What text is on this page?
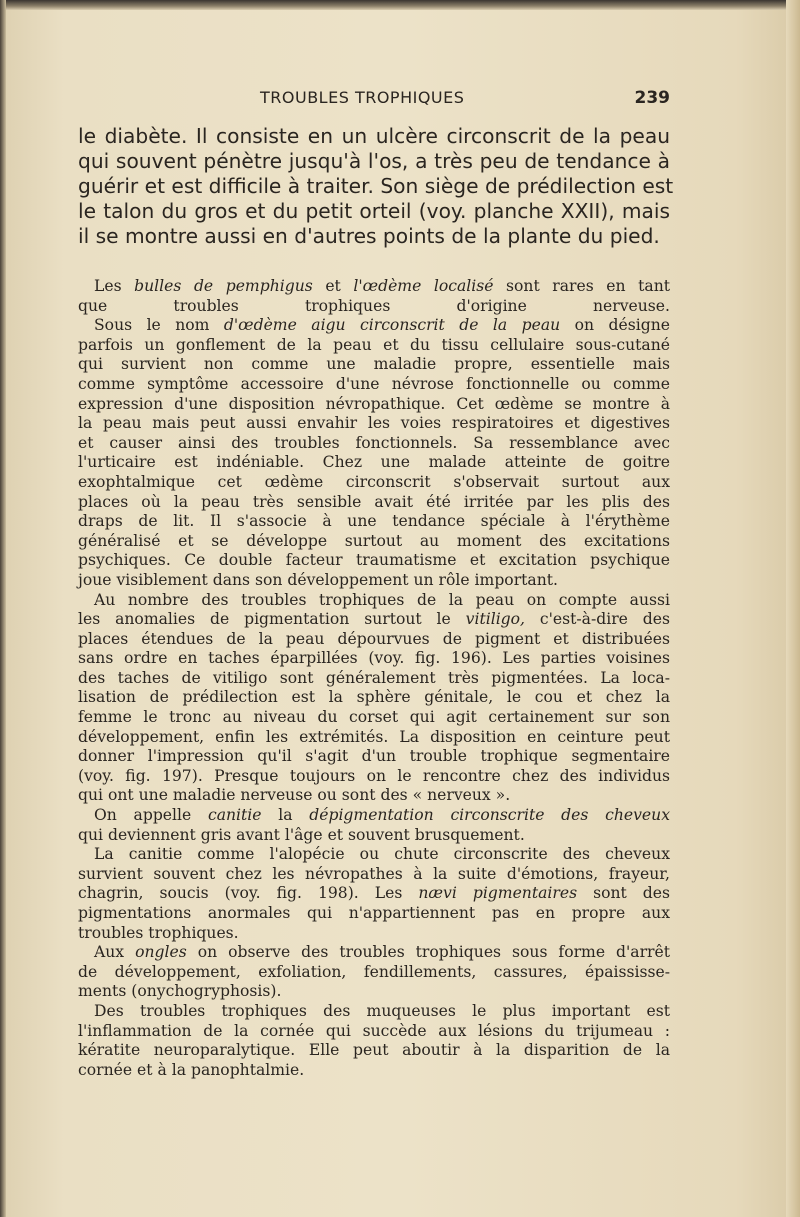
TROUBLES TROPHIQUES	239
le diabète. Il consiste en un ulcère circonscrit de la peau
qui souvent pénètre jusqu'à l'os, a très peu de tendance à
guérir et est difficile à traiter. Son siège de prédilection est
le talon du gros et du petit orteil (voy. planche XXII), mais
il se montre aussi en d'autres points de la plante du pied.
Les bulles de pemphigus et l'œdème localisé sont rares en tant
que troubles trophiques d'origine nerveuse.
Sous le nom d'œdème aigu circonscrit de la peau on désigne
parfois un gonflement de la peau et du tissu cellulaire sous-cutané
qui survient non comme une maladie propre, essentielle mais
comme symptôme accessoire d'une névrose fonctionnelle ou comme
expression d'une disposition névropathique. Cet œdème se montre à
la peau mais peut aussi envahir les voies respiratoires et digestives
et causer ainsi des troubles fonctionnels. Sa ressemblance avec
l'urticaire est indéniable. Chez une malade atteinte de goitre
exophtalmique cet œdème circonscrit s'observait surtout aux
places où la peau très sensible avait été irritée par les plis des
draps de lit. Il s'associe à une tendance spéciale à l'érythème
généralisé et se développe surtout au moment des excitations
psychiques. Ce double facteur traumatisme et excitation psychique
joue visiblement dans son développement un rôle important.
Au nombre des troubles trophiques de la peau on compte aussi
les anomalies de pigmentation surtout le vitiligo, c'est-à-dire des
places étendues de la peau dépourvues de pigment et distribuées
sans ordre en taches éparpillées (voy. fig. 196). Les parties voisines
des taches de vitiligo sont généralement très pigmentées. La loca-
lisation de prédilection est la sphère génitale, le cou et chez la
femme le tronc au niveau du corset qui agit certainement sur son
développement, enfin les extrémités. La disposition en ceinture peut
donner l'impression qu'il s'agit d'un trouble trophique segmentaire
(voy. fig. 197). Presque toujours on le rencontre chez des individus
qui ont une maladie nerveuse ou sont des « nerveux ».
On appelle canitie la dépigmentation circonscrite des cheveux
qui deviennent gris avant l'âge et souvent brusquement.
La canitie comme l'alopécie ou chute circonscrite des cheveux
survient souvent chez les névropathes à la suite d'émotions, frayeur,
chagrin, soucis (voy. fig. 198). Les nævi pigmentaires sont des
pigmentations anormales qui n'appartiennent pas en propre aux
troubles trophiques.
Aux ongles on observe des troubles trophiques sous forme d'arrêt
de développement, exfoliation, fendillements, cassures, épaississe-
ments (onychogryphosis).
Des troubles trophiques des muqueuses le plus important est
l'inflammation de la cornée qui succède aux lésions du trijumeau :
kératite neuroparalytique. Elle peut aboutir à la disparition de la
cornée et à la panophtalmie.
